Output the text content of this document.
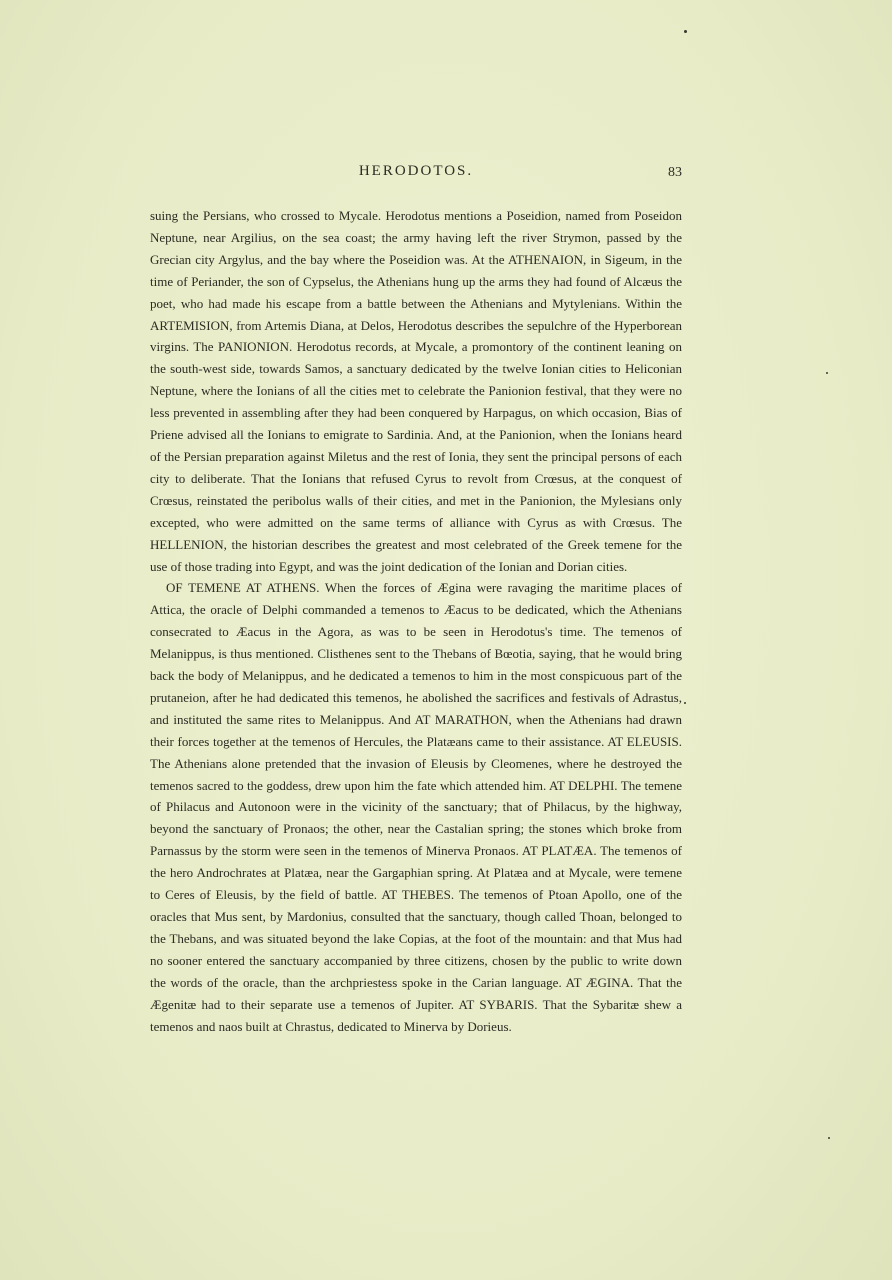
HERODOTOS.	83

suing the Persians, who crossed to Mycale. Herodotus mentions a Poseidion, named from Poseidon Neptune, near Argilius, on the sea coast; the army having left the river Strymon, passed by the Grecian city Argylus, and the bay where the Poseidion was. At the ATHENAION, in Sigeum, in the time of Periander, the son of Cypselus, the Athenians hung up the arms they had found of Alcæus the poet, who had made his escape from a battle between the Athenians and Mytylenians. Within the ARTEMISION, from Artemis Diana, at Delos, Herodotus describes the sepulchre of the Hyperborean virgins. The PANIONION. Herodotus records, at Mycale, a promontory of the continent leaning on the south-west side, towards Samos, a sanctuary dedicated by the twelve Ionian cities to Heliconian Neptune, where the Ionians of all the cities met to celebrate the Panionion festival, that they were no less prevented in assembling after they had been conquered by Harpagus, on which occasion, Bias of Priene advised all the Ionians to emigrate to Sardinia. And, at the Panionion, when the Ionians heard of the Persian preparation against Miletus and the rest of Ionia, they sent the principal persons of each city to deliberate. That the Ionians that refused Cyrus to revolt from Crœsus, at the conquest of Crœsus, reinstated the peribolus walls of their cities, and met in the Panionion, the Mylesians only excepted, who were admitted on the same terms of alliance with Cyrus as with Crœsus. The HELLENION, the historian describes the greatest and most celebrated of the Greek temene for the use of those trading into Egypt, and was the joint dedication of the Ionian and Dorian cities.

OF TEMENE AT ATHENS. When the forces of Ægina were ravaging the maritime places of Attica, the oracle of Delphi commanded a temenos to Æacus to be dedicated, which the Athenians consecrated to Æacus in the Agora, as was to be seen in Herodotus's time. The temenos of Melanippus, is thus mentioned. Clisthenes sent to the Thebans of Bœotia, saying, that he would bring back the body of Melanippus, and he dedicated a temenos to him in the most conspicuous part of the prutaneion, after he had dedicated this temenos, he abolished the sacrifices and festivals of Adrastus, and instituted the same rites to Melanippus. And AT MARATHON, when the Athenians had drawn their forces together at the temenos of Hercules, the Platæans came to their assistance. AT ELEUSIS. The Athenians alone pretended that the invasion of Eleusis by Cleomenes, where he destroyed the temenos sacred to the goddess, drew upon him the fate which attended him. AT DELPHI. The temene of Philacus and Autonoon were in the vicinity of the sanctuary; that of Philacus, by the highway, beyond the sanctuary of Pronaos; the other, near the Castalian spring; the stones which broke from Parnassus by the storm were seen in the temenos of Minerva Pronaos. AT PLATÆA. The temenos of the hero Androchrates at Platæa, near the Gargaphian spring. At Platæa and at Mycale, were temene to Ceres of Eleusis, by the field of battle. AT THEBES. The temenos of Ptoan Apollo, one of the oracles that Mus sent, by Mardonius, consulted that the sanctuary, though called Thoan, belonged to the Thebans, and was situated beyond the lake Copias, at the foot of the mountain: and that Mus had no sooner entered the sanctuary accompanied by three citizens, chosen by the public to write down the words of the oracle, than the archpriestess spoke in the Carian language. AT ÆGINA. That the Ægenitæ had to their separate use a temenos of Jupiter. AT SYBARIS. That the Sybaritæ shew a temenos and naos built at Chrastus, dedicated to Minerva by Dorieus.
